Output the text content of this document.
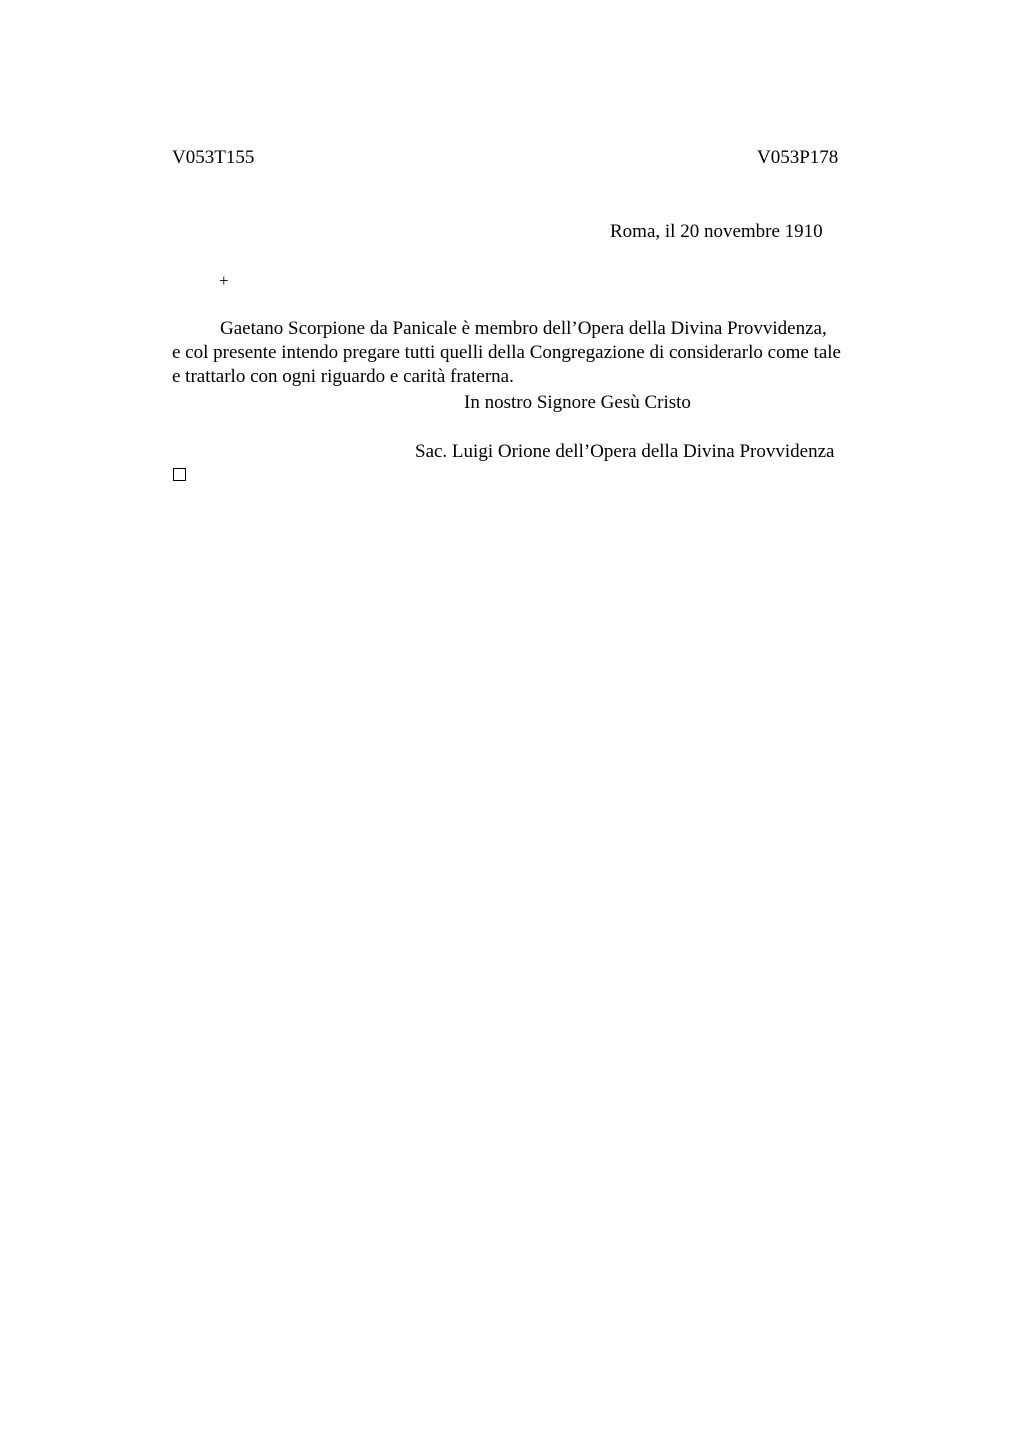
V053T155	V053P178
Roma, il 20 novembre 1910
+
Gaetano Scorpione da Panicale è membro dell’Opera della Divina Provvidenza,
e col presente intendo pregare tutti quelli della Congregazione di considerarlo come tale
e trattarlo con ogni riguardo e carità fraterna.
In nostro Signore Gesù Cristo
Sac. Luigi Orione dell’Opera della Divina Provvidenza
